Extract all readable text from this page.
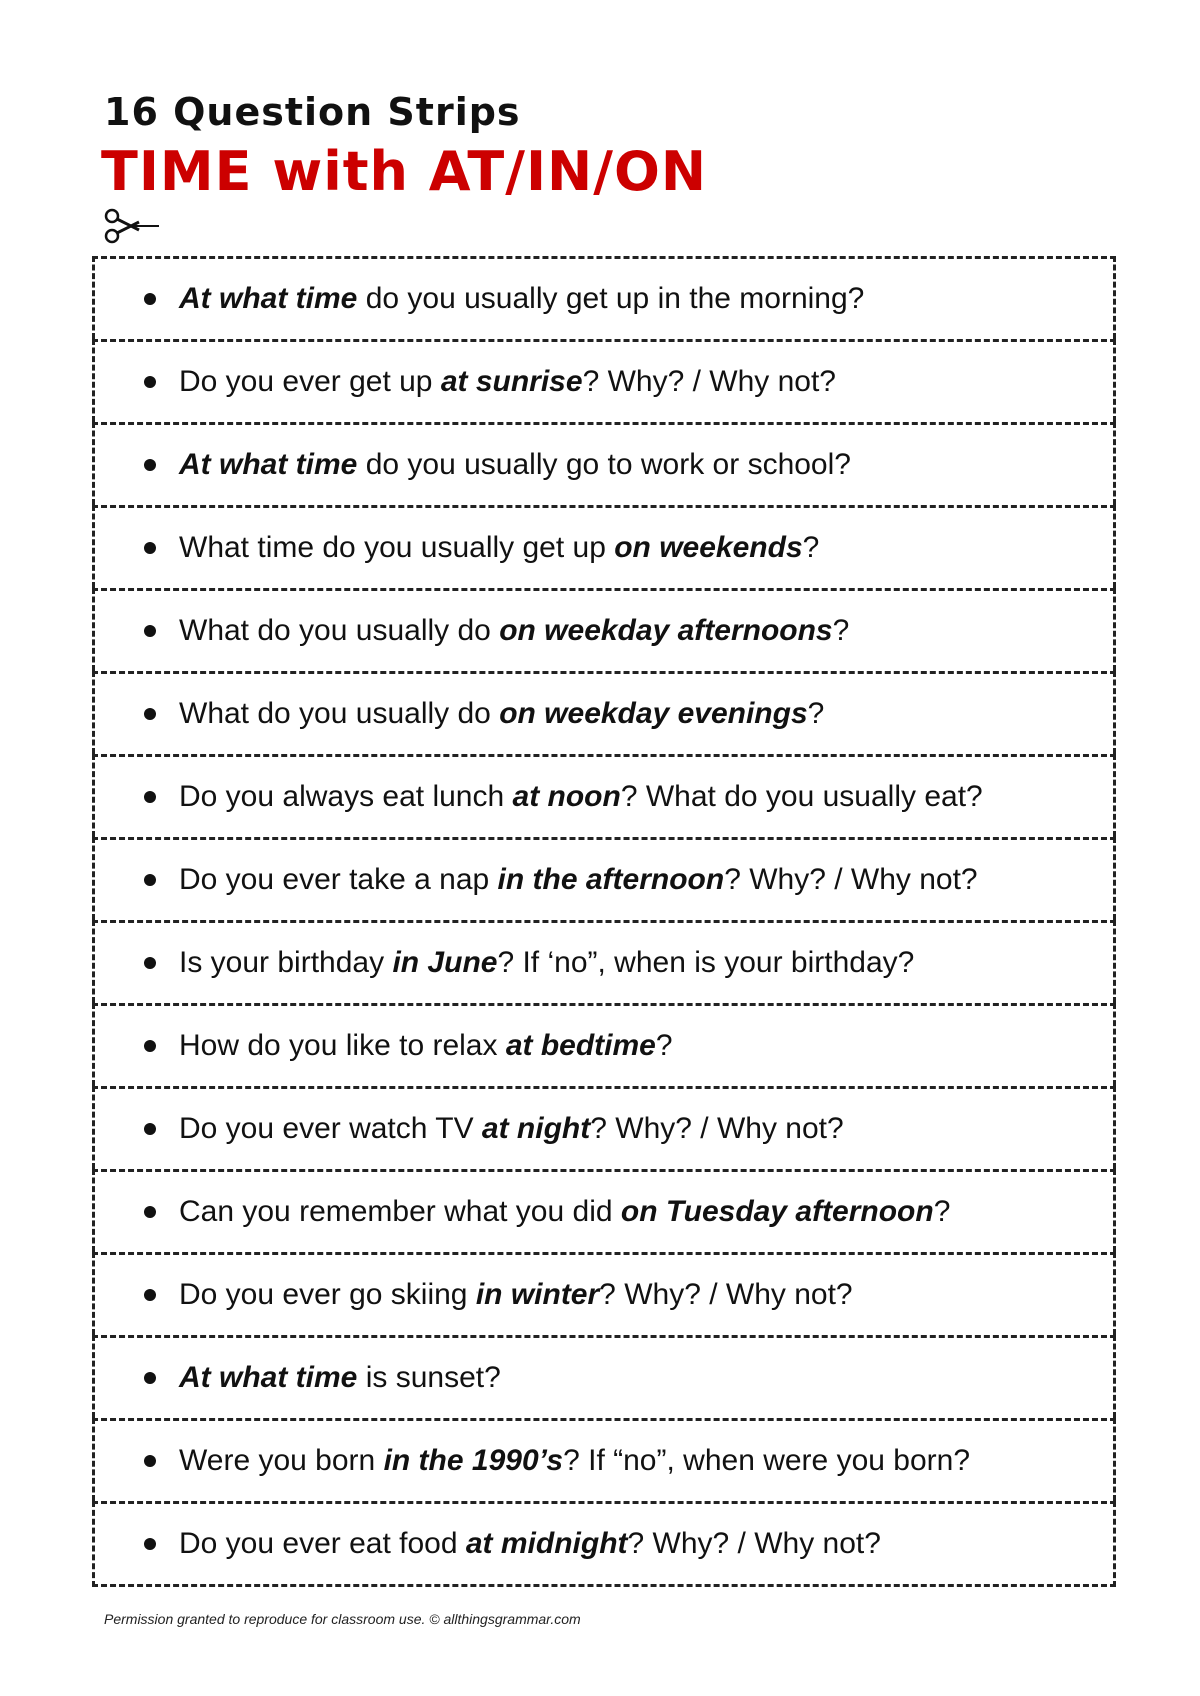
16 Question Strips
TIME with AT/IN/ON
At what time do you usually get up in the morning?
Do you ever get up at sunrise? Why? / Why not?
At what time do you usually go to work or school?
What time do you usually get up on weekends?
What do you usually do on weekday afternoons?
What do you usually do on weekday evenings?
Do you always eat lunch at noon? What do you usually eat?
Do you ever take a nap in the afternoon? Why? / Why not?
Is your birthday in June? If ‘no”, when is your birthday?
How do you like to relax at bedtime?
Do you ever watch TV at night? Why? / Why not?
Can you remember what you did on Tuesday afternoon?
Do you ever go skiing in winter? Why? / Why not?
At what time is sunset?
Were you born in the 1990’s? If “no”, when were you born?
Do you ever eat food at midnight? Why? / Why not?
Permission granted to reproduce for classroom use. © allthingsgrammar.com
